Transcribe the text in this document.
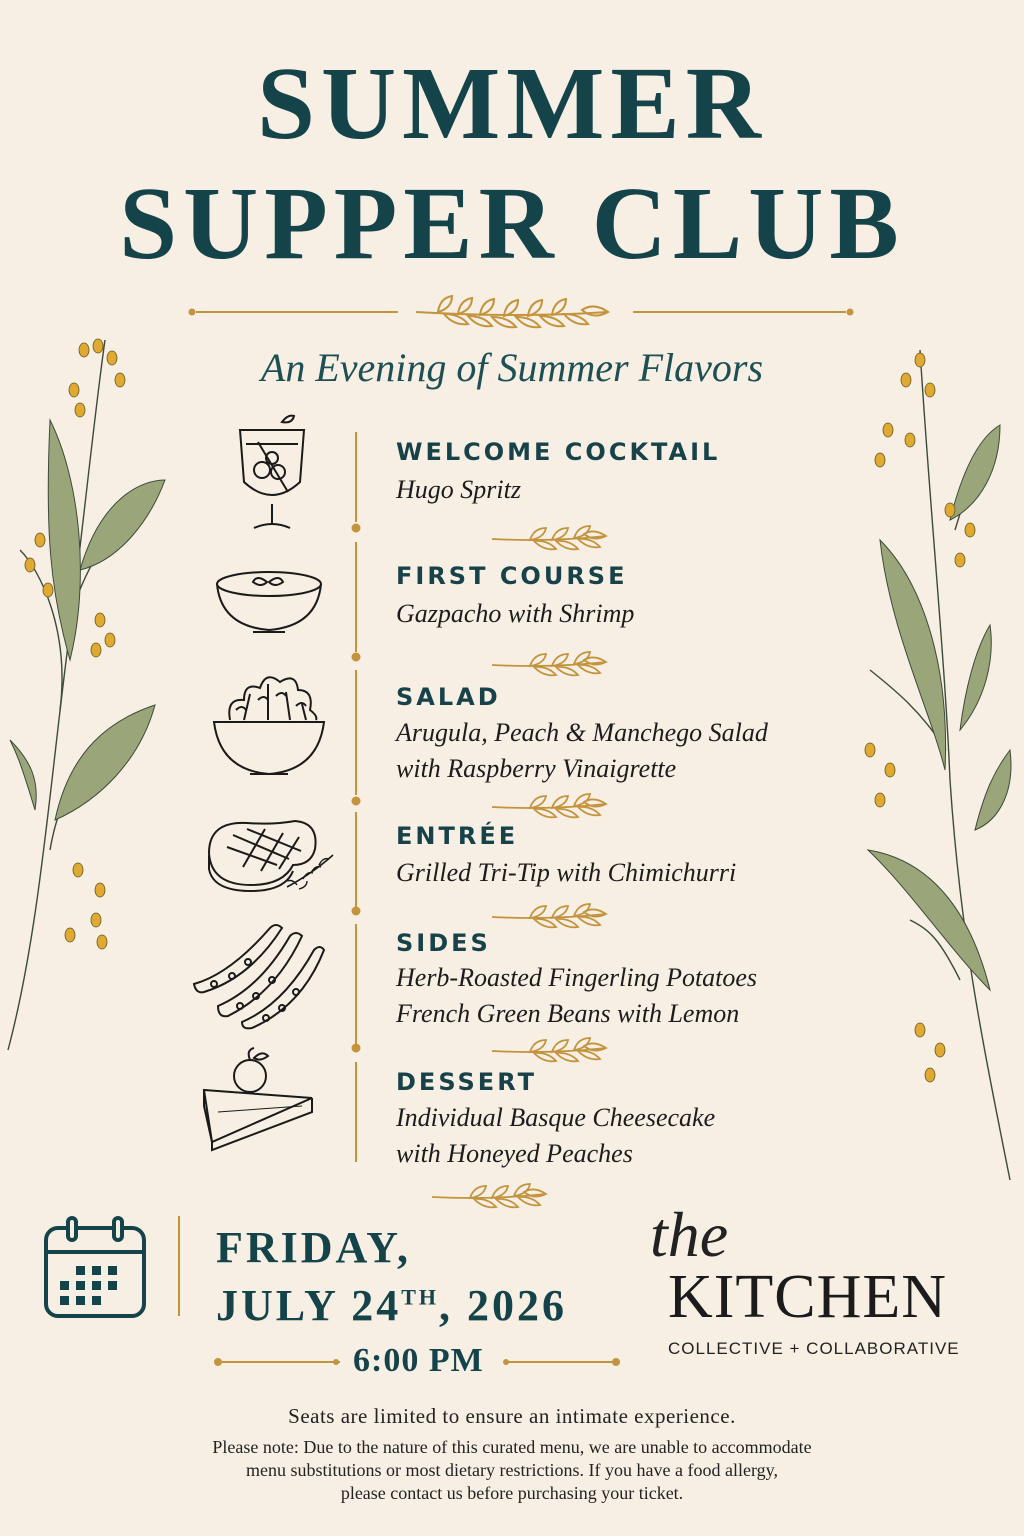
SUMMER
SUPPER CLUB
An Evening of Summer Flavors
WELCOME COCKTAIL
Hugo Spritz
FIRST COURSE
Gazpacho with Shrimp
SALAD
Arugula, Peach & Manchego Salad
with Raspberry Vinaigrette
ENTRÉE
Grilled Tri-Tip with Chimichurri
SIDES
Herb-Roasted Fingerling Potatoes
French Green Beans with Lemon
DESSERT
Individual Basque Cheesecake
with Honeyed Peaches
FRIDAY,
JULY 24TH, 2026
6:00 PM
the
KITCHEN
COLLECTIVE + COLLABORATIVE
Seats are limited to ensure an intimate experience.
Please note: Due to the nature of this curated menu, we are unable to accommodate
menu substitutions or most dietary restrictions. If you have a food allergy,
please contact us before purchasing your ticket.
